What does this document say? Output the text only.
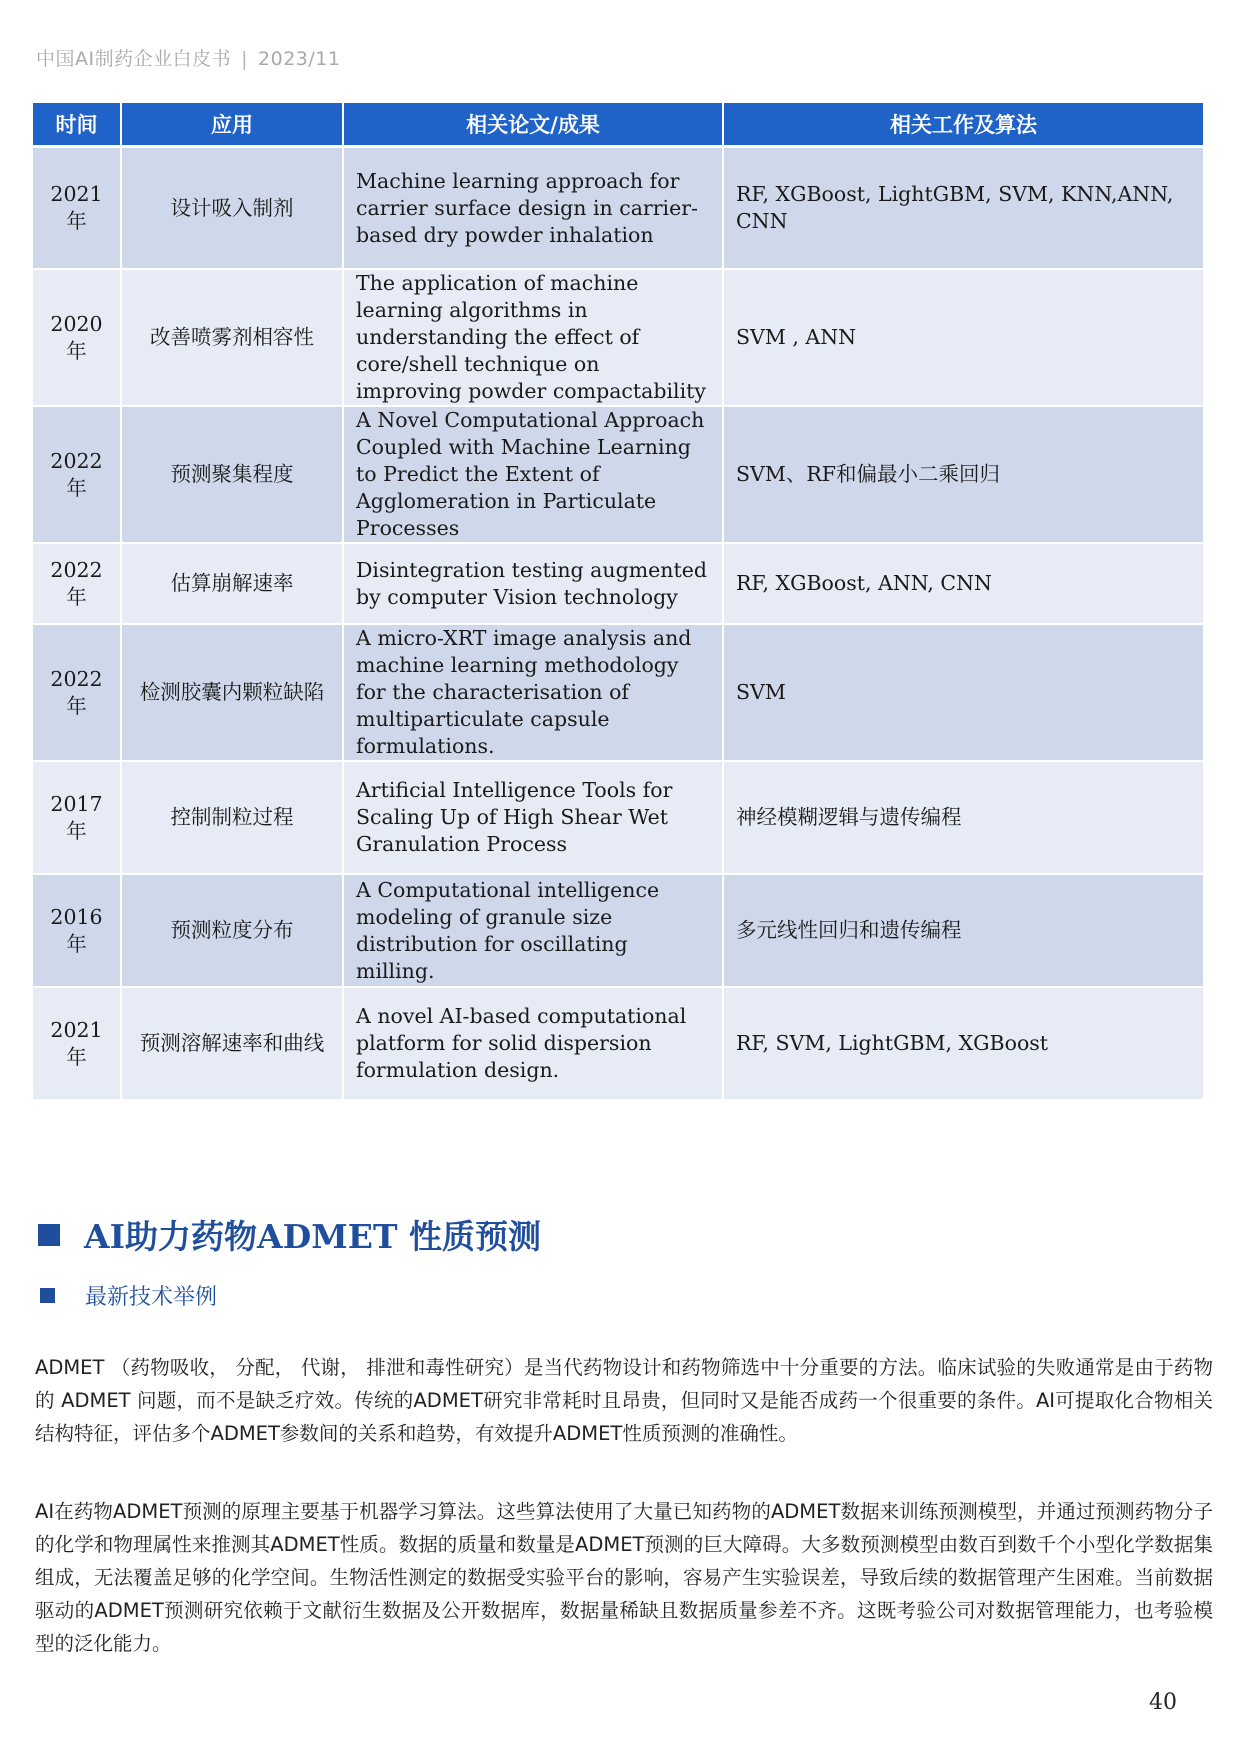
中国AI制药企业白皮书 | 2023/11
时间	应用	相关论文/成果	相关工作及算法
2021年	设计吸入制剂	Machine learning approach for carrier surface design in carrier-based dry powder inhalation	RF, XGBoost, LightGBM, SVM, KNN,ANN, CNN
2020年	改善喷雾剂相容性	The application of machine learning algorithms in understanding the effect of core/shell technique on improving powder compactability	SVM , ANN
2022年	预测聚集程度	A Novel Computational Approach Coupled with Machine Learning to Predict the Extent of Agglomeration in Particulate Processes	SVM、RF和偏最小二乘回归
2022年	估算崩解速率	Disintegration testing augmented by computer Vision technology	RF, XGBoost, ANN, CNN
2022年	检测胶囊内颗粒缺陷	A micro-XRT image analysis and machine learning methodology for the characterisation of multiparticulate capsule formulations.	SVM
2017年	控制制粒过程	Artificial Intelligence Tools for Scaling Up of High Shear Wet Granulation Process	神经模糊逻辑与遗传编程
2016年	预测粒度分布	A Computational intelligence modeling of granule size distribution for oscillating milling.	多元线性回归和遗传编程
2021年	预测溶解速率和曲线	A novel AI-based computational platform for solid dispersion formulation design.	RF, SVM, LightGBM, XGBoost
AI助力药物ADMET 性质预测
最新技术举例

ADMET （药物吸收， 分配， 代谢， 排泄和毒性研究）是当代药物设计和药物筛选中十分重要的方法。临床试验的失败通常是由于药物的 ADMET 问题，而不是缺乏疗效。传统的ADMET研究非常耗时且昂贵，但同时又是能否成药一个很重要的条件。AI可提取化合物相关结构特征，评估多个ADMET参数间的关系和趋势，有效提升ADMET性质预测的准确性。

AI在药物ADMET预测的原理主要基于机器学习算法。这些算法使用了大量已知药物的ADMET数据来训练预测模型，并通过预测药物分子的化学和物理属性来推测其ADMET性质。数据的质量和数量是ADMET预测的巨大障碍。大多数预测模型由数百到数千个小型化学数据集组成，无法覆盖足够的化学空间。生物活性测定的数据受实验平台的影响，容易产生实验误差，导致后续的数据管理产生困难。当前数据驱动的ADMET预测研究依赖于文献衍生数据及公开数据库，数据量稀缺且数据质量参差不齐。这既考验公司对数据管理能力，也考验模型的泛化能力。

40
